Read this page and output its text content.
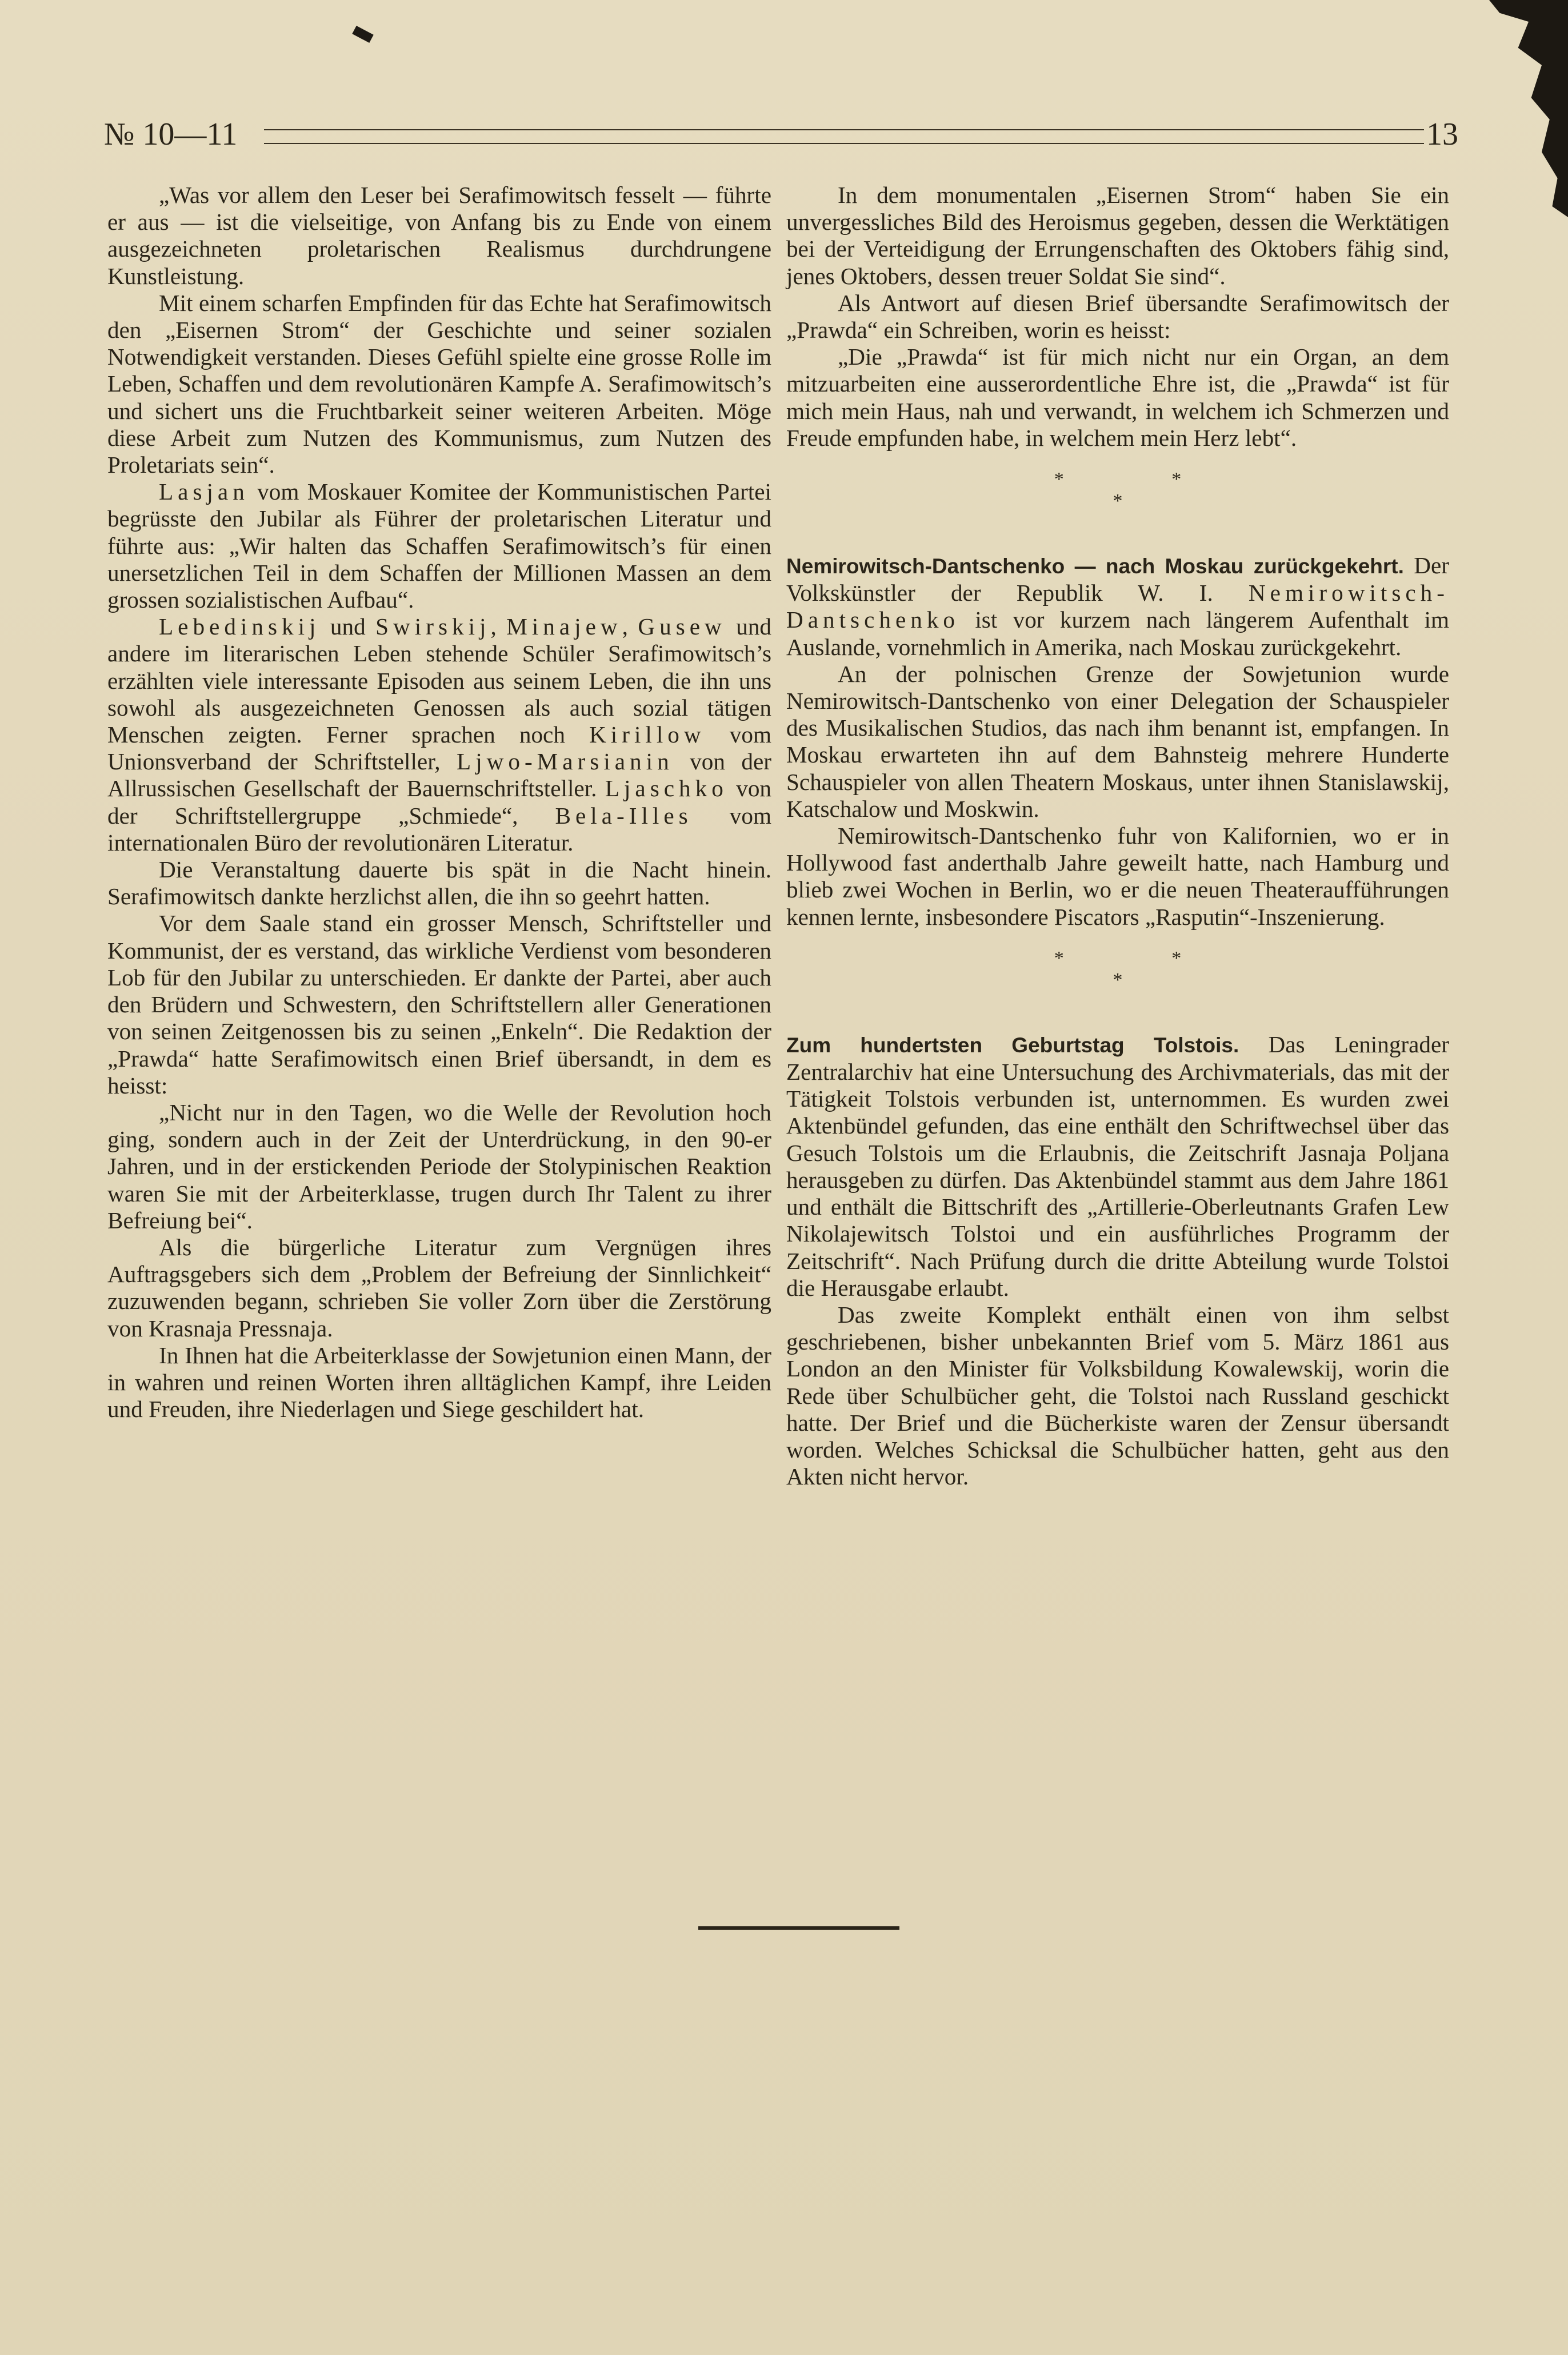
№ 10—11	13

„Was vor allem den Leser bei Serafimowitsch fesselt — führte er aus — ist die vielseitige, von Anfang bis zu Ende von einem ausgezeichneten proletarischen Realismus durchdrungene Kunstleistung.

Mit einem scharfen Empfinden für das Echte hat Serafimowitsch den „Eisernen Strom“ der Geschichte und seiner sozialen Notwendigkeit verstanden. Dieses Gefühl spielte eine grosse Rolle im Leben, Schaffen und dem revolutionären Kampfe A. Serafimowitsch’s und sichert uns die Fruchtbarkeit seiner weiteren Arbeiten. Möge diese Arbeit zum Nutzen des Kommunismus, zum Nutzen des Proletariats sein“.

Lasjan vom Moskauer Komitee der Kommunistischen Partei begrüsste den Jubilar als Führer der proletarischen Literatur und führte aus: „Wir halten das Schaffen Serafimowitsch’s für einen unersetzlichen Teil in dem Schaffen der Millionen Massen an dem grossen sozialistischen Aufbau“.

Lebedinskij und Swirskij, Minajew, Gusew und andere im literarischen Leben stehende Schüler Serafimowitsch’s erzählten viele interessante Episoden aus seinem Leben, die ihn uns sowohl als ausgezeichneten Genossen als auch sozial tätigen Menschen zeigten. Ferner sprachen noch Kirillow vom Unionsverband der Schriftsteller, Ljwo-Marsianin von der Allrussischen Gesellschaft der Bauernschriftsteller. Ljaschko von der Schriftstellergruppe „Schmiede“, Bela-Illes vom internationalen Büro der revolutionären Literatur.

Die Veranstaltung dauerte bis spät in die Nacht hinein. Serafimowitsch dankte herzlichst allen, die ihn so geehrt hatten.

Vor dem Saale stand ein grosser Mensch, Schriftsteller und Kommunist, der es verstand, das wirkliche Verdienst vom besonderen Lob für den Jubilar zu unterschieden. Er dankte der Partei, aber auch den Brüdern und Schwestern, den Schriftstellern aller Generationen von seinen Zeitgenossen bis zu seinen „Enkeln“. Die Redaktion der „Prawda“ hatte Serafimowitsch einen Brief übersandt, in dem es heisst:

„Nicht nur in den Tagen, wo die Welle der Revolution hoch ging, sondern auch in der Zeit der Unterdrückung, in den 90-er Jahren, und in der erstickenden Periode der Stolypinischen Reaktion waren Sie mit der Arbeiterklasse, trugen durch Ihr Talent zu ihrer Befreiung bei“.

Als die bürgerliche Literatur zum Vergnügen ihres Auftragsgebers sich dem „Problem der Befreiung der Sinnlichkeit“ zuzuwenden begann, schrieben Sie voller Zorn über die Zerstörung von Krasnaja Pressnaja.

In Ihnen hat die Arbeiterklasse der Sowjetunion einen Mann, der in wahren und reinen Worten ihren alltäglichen Kampf, ihre Leiden und Freuden, ihre Niederlagen und Siege geschildert hat.

In dem monumentalen „Eisernen Strom“ haben Sie ein unvergessliches Bild des Heroismus gegeben, dessen die Werktätigen bei der Verteidigung der Errungenschaften des Oktobers fähig sind, jenes Oktobers, dessen treuer Soldat Sie sind“.

Als Antwort auf diesen Brief übersandte Serafimowitsch der „Prawda“ ein Schreiben, worin es heisst:

„Die „Prawda“ ist für mich nicht nur ein Organ, an dem mitzuarbeiten eine ausserordentliche Ehre ist, die „Prawda“ ist für mich mein Haus, nah und verwandt, in welchem ich Schmerzen und Freude empfunden habe, in welchem mein Herz lebt“.

* *
*

Nemirowitsch-Dantschenko — nach Moskau zurückgekehrt. Der Volkskünstler der Republik W. I. Nemirowitsch-Dantschenko ist vor kurzem nach längerem Aufenthalt im Auslande, vornehmlich in Amerika, nach Moskau zurückgekehrt.

An der polnischen Grenze der Sowjetunion wurde Nemirowitsch-Dantschenko von einer Delegation der Schauspieler des Musikalischen Studios, das nach ihm benannt ist, empfangen. In Moskau erwarteten ihn auf dem Bahnsteig mehrere Hunderte Schauspieler von allen Theatern Moskaus, unter ihnen Stanislawskij, Katschalow und Moskwin.

Nemirowitsch-Dantschenko fuhr von Kalifornien, wo er in Hollywood fast anderthalb Jahre geweilt hatte, nach Hamburg und blieb zwei Wochen in Berlin, wo er die neuen Theateraufführungen kennen lernte, insbesondere Piscators „Rasputin“-Inszenierung.

* *
*

Zum hundertsten Geburtstag Tolstois. Das Leningrader Zentralarchiv hat eine Untersuchung des Archivmaterials, das mit der Tätigkeit Tolstois verbunden ist, unternommen. Es wurden zwei Aktenbündel gefunden, das eine enthält den Schriftwechsel über das Gesuch Tolstois um die Erlaubnis, die Zeitschrift Jasnaja Poljana herausgeben zu dürfen. Das Aktenbündel stammt aus dem Jahre 1861 und enthält die Bittschrift des „Artillerie-Oberleutnants Grafen Lew Nikolajewitsch Tolstoi und ein ausführliches Programm der Zeitschrift“. Nach Prüfung durch die dritte Abteilung wurde Tolstoi die Herausgabe erlaubt.

Das zweite Komplekt enthält einen von ihm selbst geschriebenen, bisher unbekannten Brief vom 5. März 1861 aus London an den Minister für Volksbildung Kowalewskij, worin die Rede über Schulbücher geht, die Tolstoi nach Russland geschickt hatte. Der Brief und die Bücherkiste waren der Zensur übersandt worden. Welches Schicksal die Schulbücher hatten, geht aus den Akten nicht hervor.
